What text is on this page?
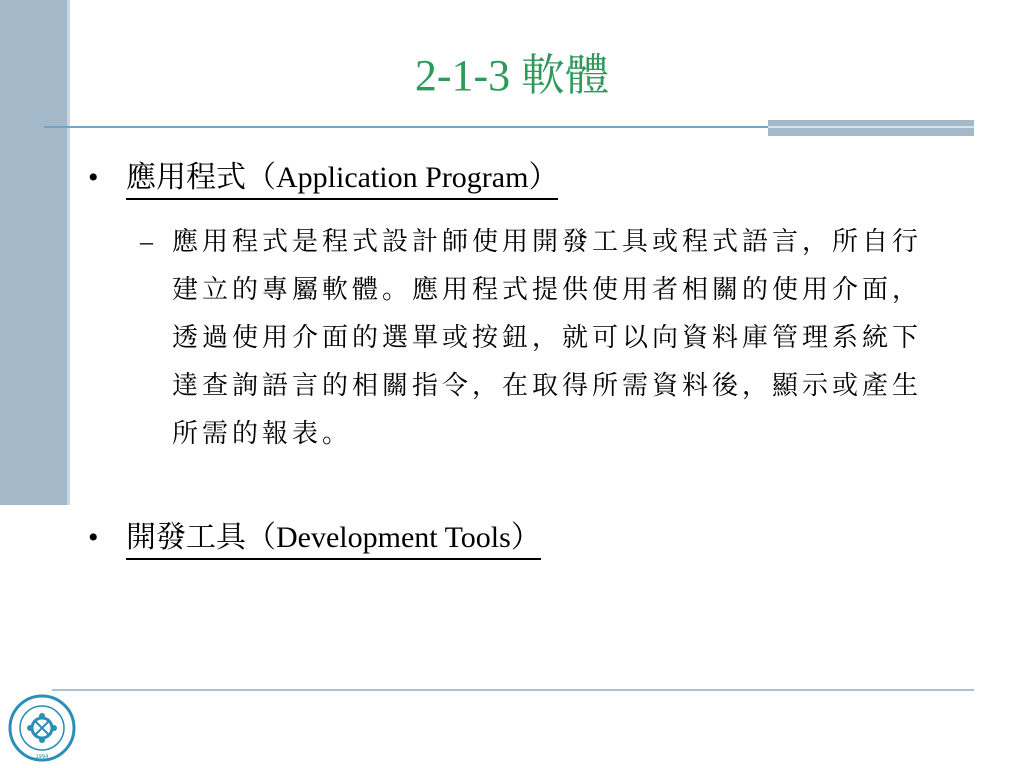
2-1-3 軟體
• 應用程式（Application Program）
– 應用程式是程式設計師使用開發工具或程式語言，所自行建立的專屬軟體。應用程式提供使用者相關的使用介面，透過使用介面的選單或按鈕，就可以向資料庫管理系統下達查詢語言的相關指令，在取得所需資料後，顯示或產生所需的報表。
• 開發工具（Development Tools）
1994
